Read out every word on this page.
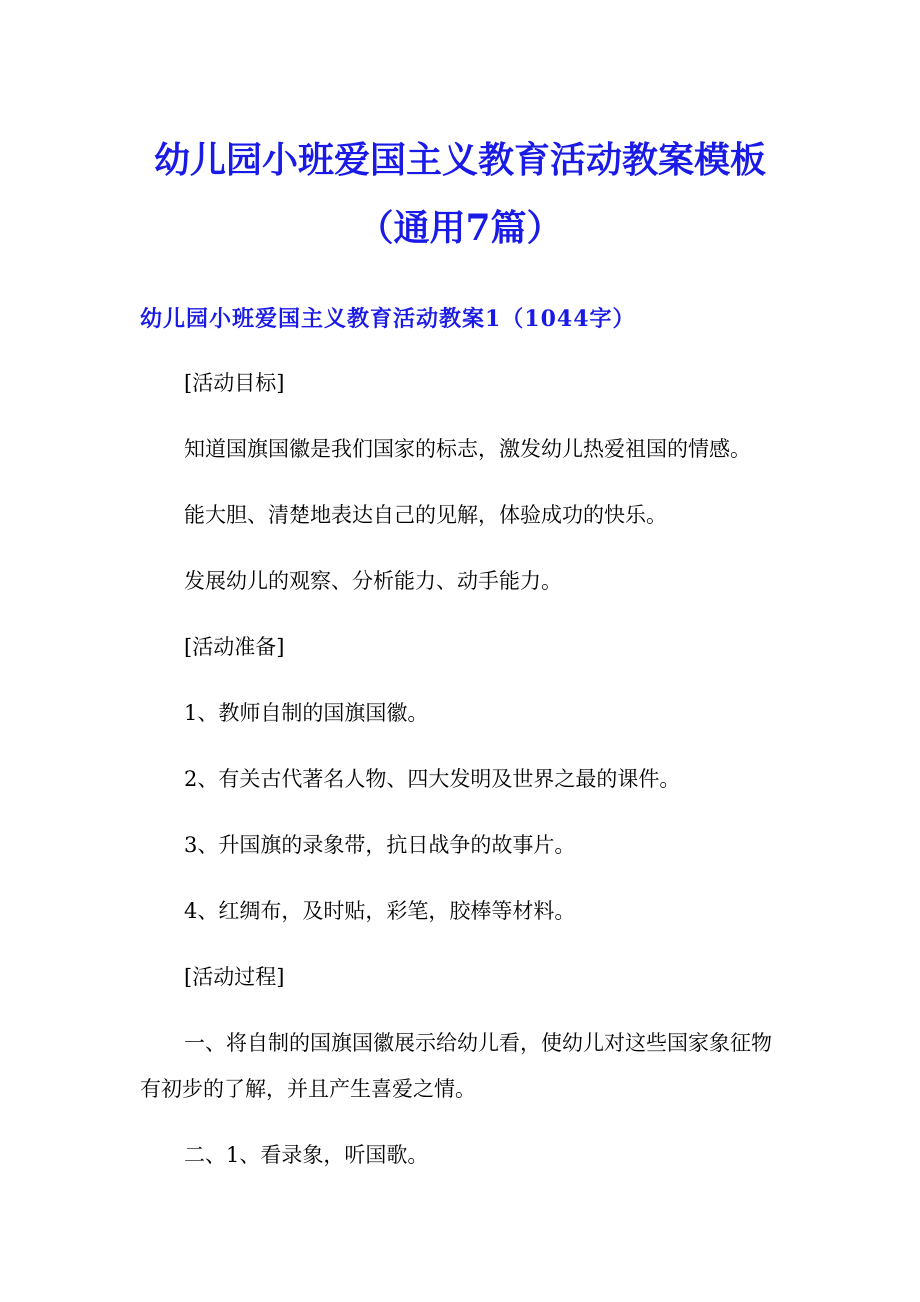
幼儿园小班爱国主义教育活动教案模板
（通用7篇）
幼儿园小班爱国主义教育活动教案1（1044字）

[活动目标]

知道国旗国徽是我们国家的标志，激发幼儿热爱祖国的情感。

能大胆、清楚地表达自己的见解，体验成功的快乐。

发展幼儿的观察、分析能力、动手能力。

[活动准备]

1、教师自制的国旗国徽。

2、有关古代著名人物、四大发明及世界之最的课件。

3、升国旗的录象带，抗日战争的故事片。

4、红绸布，及时贴，彩笔，胶棒等材料。

[活动过程]

一、将自制的国旗国徽展示给幼儿看，使幼儿对这些国家象征物

有初步的了解，并且产生喜爱之情。

二、1、看录象，听国歌。
